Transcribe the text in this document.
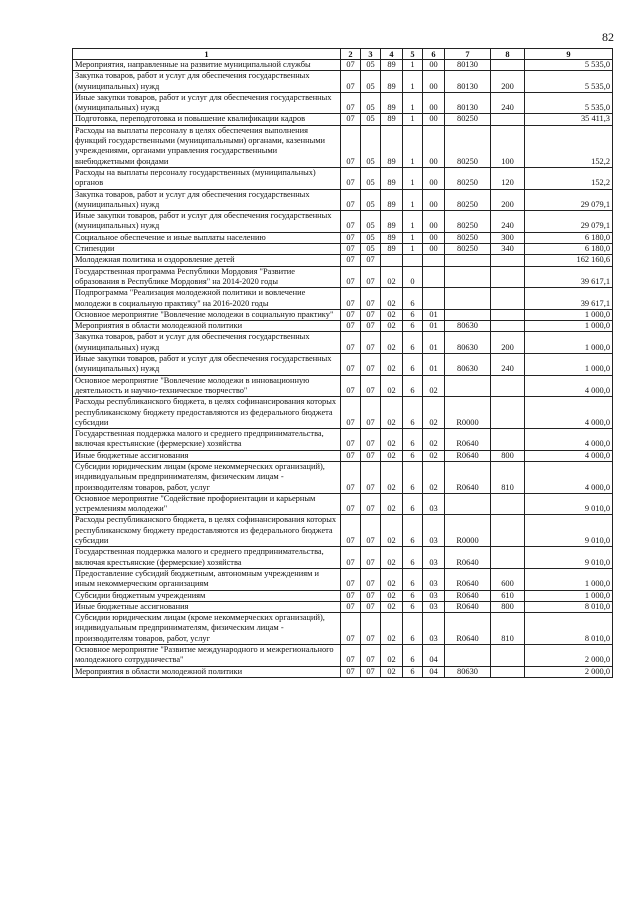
82
1	2	3	4	5	6	7	8	9
Мероприятия, направленные на развитие муниципальной службы	07	05	89	1	00	80130		5 535,0
Закупка товаров, работ и услуг для обеспечения государственных (муниципальных) нужд	07	05	89	1	00	80130	200	5 535,0
Иные закупки товаров, работ и услуг для обеспечения государственных (муниципальных) нужд	07	05	89	1	00	80130	240	5 535,0
Подготовка, переподготовка и повышение квалификации кадров	07	05	89	1	00	80250		35 411,3
Расходы на выплаты персоналу в целях обеспечения выполнения функций государственными (муниципальными) органами, казенными учреждениями, органами управления государственными внебюджетными фондами	07	05	89	1	00	80250	100	152,2
Расходы на выплаты персоналу государственных (муниципальных) органов	07	05	89	1	00	80250	120	152,2
Закупка товаров, работ и услуг для обеспечения государственных (муниципальных) нужд	07	05	89	1	00	80250	200	29 079,1
Иные закупки товаров, работ и услуг для обеспечения государственных (муниципальных) нужд	07	05	89	1	00	80250	240	29 079,1
Социальное обеспечение и иные выплаты населению	07	05	89	1	00	80250	300	6 180,0
Стипендии	07	05	89	1	00	80250	340	6 180,0
Молодежная политика и оздоровление детей	07	07						162 160,6
Государственная программа Республики Мордовия "Развитие образования в Республике Мордовия" на 2014-2020 годы	07	07	02	0				39 617,1
Подпрограмма "Реализация молодежной политики и вовлечение молодежи в социальную практику" на 2016-2020 годы	07	07	02	6				39 617,1
Основное мероприятие "Вовлечение молодежи в социальную практику"	07	07	02	6	01			1 000,0
Мероприятия в области молодежной политики	07	07	02	6	01	80630		1 000,0
Закупка товаров, работ и услуг для обеспечения государственных (муниципальных) нужд	07	07	02	6	01	80630	200	1 000,0
Иные закупки товаров, работ и услуг для обеспечения государственных (муниципальных) нужд	07	07	02	6	01	80630	240	1 000,0
Основное мероприятие "Вовлечение молодежи в инновационную деятельность и научно-техническое творчество"	07	07	02	6	02			4 000,0
Расходы республиканского бюджета, в целях софинансирования которых республиканскому бюджету предоставляются из федерального бюджета субсидии	07	07	02	6	02	R0000		4 000,0
Государственная поддержка малого и среднего предпринимательства, включая крестьянские (фермерские) хозяйства	07	07	02	6	02	R0640		4 000,0
Иные бюджетные ассигнования	07	07	02	6	02	R0640	800	4 000,0
Субсидии юридическим лицам (кроме некоммерческих организаций), индивидуальным предпринимателям, физическим лицам - производителям товаров, работ, услуг	07	07	02	6	02	R0640	810	4 000,0
Основное мероприятие "Содействие профориентации и карьерным устремлениям молодежи"	07	07	02	6	03			9 010,0
Расходы республиканского бюджета, в целях софинансирования которых республиканскому бюджету предоставляются из федерального бюджета субсидии	07	07	02	6	03	R0000		9 010,0
Государственная поддержка малого и среднего предпринимательства, включая крестьянские (фермерские) хозяйства	07	07	02	6	03	R0640		9 010,0
Предоставление субсидий бюджетным, автономным учреждениям и иным некоммерческим организациям	07	07	02	6	03	R0640	600	1 000,0
Субсидии бюджетным учреждениям	07	07	02	6	03	R0640	610	1 000,0
Иные бюджетные ассигнования	07	07	02	6	03	R0640	800	8 010,0
Субсидии юридическим лицам (кроме некоммерческих организаций), индивидуальным предпринимателям, физическим лицам - производителям товаров, работ, услуг	07	07	02	6	03	R0640	810	8 010,0
Основное мероприятие "Развитие международного и межрегионального молодежного сотрудничества"	07	07	02	6	04			2 000,0
Мероприятия в области молодежной политики	07	07	02	6	04	80630		2 000,0
